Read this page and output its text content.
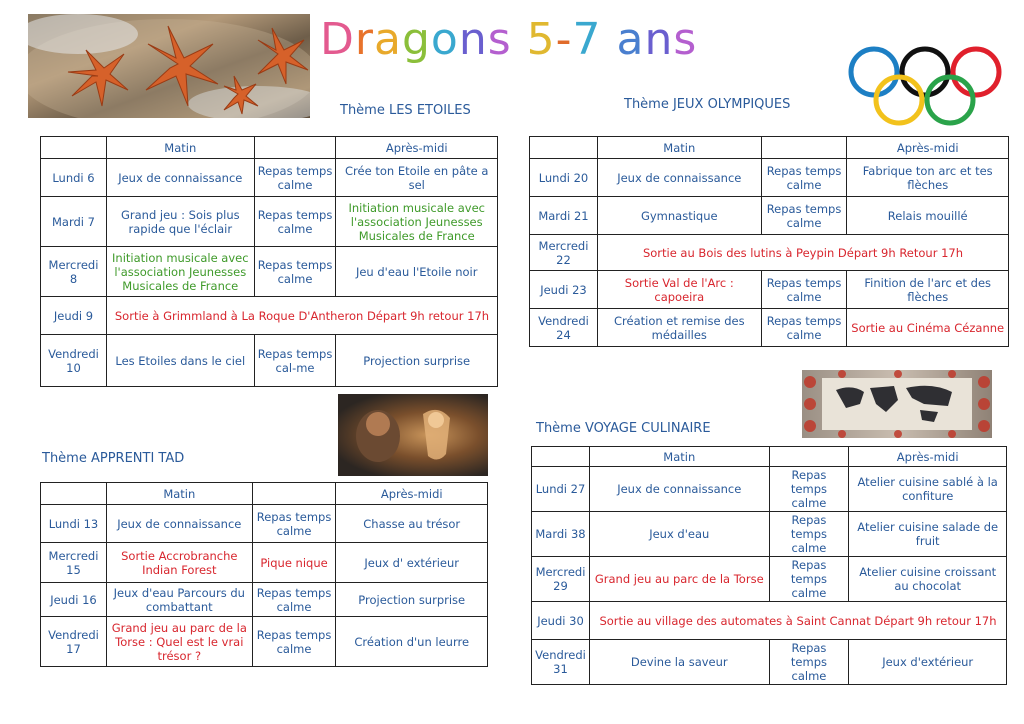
Dragons 5-7 ans
Thème LES ETOILES
	Matin		Après-midi
Lundi 6	Jeux de connaissance	Repas temps calme	Crée ton Etoile en pâte a sel
Mardi 7	Grand jeu : Sois plus rapide que l'éclair	Repas temps calme	Initiation musicale avec l'association Jeunesses Musicales de France
Mercredi 8	Initiation musicale avec l'association Jeunesses Musicales de France	Repas temps calme	Jeu d'eau l'Etoile noir
Jeudi 9	Sortie à Grimmland à La Roque D'Antheron Départ 9h retour 17h		
Vendredi 10	Les Etoiles dans le ciel	Repas temps cal-me	Projection surprise
Thème JEUX OLYMPIQUES
	Matin		Après-midi
Lundi 20	Jeux de connaissance	Repas temps calme	Fabrique ton arc et tes flèches
Mardi 21	Gymnastique	Repas temps calme	Relais mouillé
Mercredi 22	Sortie au Bois des lutins à Peypin Départ 9h Retour 17h		
Jeudi 23	Sortie Val de l'Arc : capoeira	Repas temps calme	Finition de l'arc et des flèches
Vendredi 24	Création et remise des médailles	Repas temps calme	Sortie au Cinéma Cézanne
Thème APPRENTI TAD
	Matin		Après-midi
Lundi 13	Jeux de connaissance	Repas temps calme	Chasse au trésor
Mercredi 15	Sortie Accrobranche Indian Forest	Pique nique	Jeux d' extérieur
Jeudi 16	Jeux d'eau Parcours du combattant	Repas temps calme	Projection surprise
Vendredi 17	Grand jeu au parc de la Torse : Quel est le vrai trésor ?	Repas temps calme	Création d'un leurre
Thème VOYAGE CULINAIRE
	Matin		Après-midi
Lundi 27	Jeux de connaissance	Repas temps calme	Atelier cuisine sablé à la confiture
Mardi 38	Jeux d'eau	Repas temps calme	Atelier cuisine salade de fruit
Mercredi 29	Grand jeu au parc de la Torse	Repas temps calme	Atelier cuisine croissant au chocolat
Jeudi 30	Sortie au village des automates à Saint Cannat Départ 9h retour 17h		
Vendredi 31	Devine la saveur	Repas temps calme	Jeux d'extérieur
